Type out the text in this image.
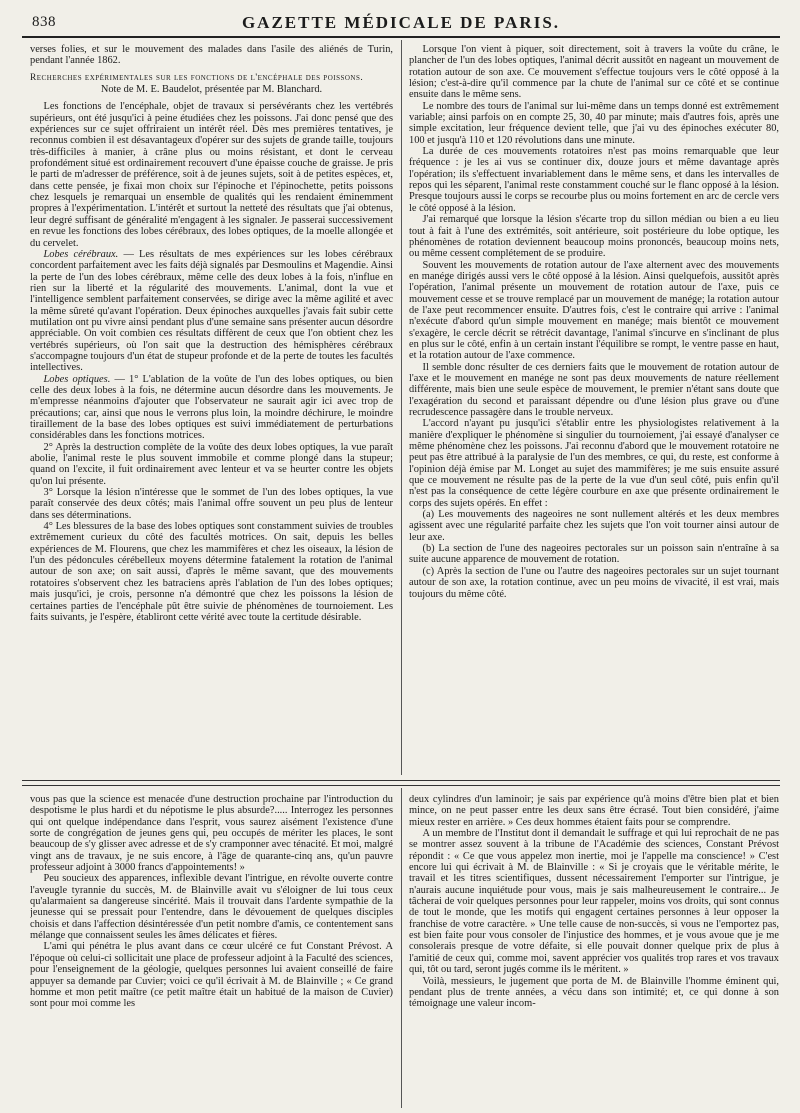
838	GAZETTE MÉDICALE DE PARIS.

verses folies, et sur le mouvement des malades dans l'asile des aliénés de Turin, pendant l'année 1862.

Recherches expérimentales sur les fonctions de l'encéphale des poissons.

Note de M. E. Baudelot, présentée par M. Blanchard.

Les fonctions de l'encéphale, objet de travaux si persévérants chez les vertébrés supérieurs, ont été jusqu'ici à peine étudiées chez les poissons. J'ai donc pensé que des expériences sur ce sujet offriraient un intérêt réel. Dès mes premières tentatives, je reconnus combien il est désavantageux d'opérer sur des sujets de grande taille, toujours très-difficiles à manier, à crâne plus ou moins résistant, et dont le cerveau profondément situé est ordinairement recouvert d'une épaisse couche de graisse. Je pris le parti de m'adresser de préférence, soit à de jeunes sujets, soit à de petites espèces, et, dans cette pensée, je fixai mon choix sur l'épinoche et l'épinochette, petits poissons chez lesquels je remarquai un ensemble de qualités qui les rendaient éminemment propres à l'expérimentation. L'intérêt et surtout la netteté des résultats que j'ai obtenus, leur degré suffisant de généralité m'engagent à les signaler. Je passerai successivement en revue les fonctions des lobes cérébraux, des lobes optiques, de la moelle allongée et du cervelet.

Lobes cérébraux. — Les résultats de mes expériences sur les lobes cérébraux concordent parfaitement avec les faits déjà signalés par Desmoulins et Magendie. Ainsi la perte de l'un des lobes cérébraux, même celle des deux lobes à la fois, n'influe en rien sur la liberté et la régularité des mouvements. L'animal, dont la vue et l'intelligence semblent parfaitement conservées, se dirige avec la même agilité et avec la même sûreté qu'avant l'opération. Deux épinoches auxquelles j'avais fait subir cette mutilation ont pu vivre ainsi pendant plus d'une semaine sans présenter aucun désordre appréciable. On voit combien ces résultats diffèrent de ceux que l'on obtient chez les vertébrés supérieurs, où l'on sait que la destruction des hémisphères cérébraux s'accompagne toujours d'un état de stupeur profonde et de la perte de toutes les facultés intellectives.

Lobes optiques. — 1° L'ablation de la voûte de l'un des lobes optiques, ou bien celle des deux lobes à la fois, ne détermine aucun désordre dans les mouvements. Je m'empresse néanmoins d'ajouter que l'observateur ne saurait agir ici avec trop de précautions; car, ainsi que nous le verrons plus loin, la moindre déchirure, le moindre tiraillement de la base des lobes optiques est suivi immédiatement de perturbations considérables dans les fonctions motrices.

2° Après la destruction complète de la voûte des deux lobes optiques, la vue paraît abolie, l'animal reste le plus souvent immobile et comme plongé dans la stupeur; quand on l'excite, il fuit ordinairement avec lenteur et va se heurter contre les objets qu'on lui présente.

3° Lorsque la lésion n'intéresse que le sommet de l'un des lobes optiques, la vue paraît conservée des deux côtés; mais l'animal offre souvent un peu plus de lenteur dans ses déterminations.

4° Les blessures de la base des lobes optiques sont constamment suivies de troubles extrêmement curieux du côté des facultés motrices. On sait, depuis les belles expériences de M. Flourens, que chez les mammifères et chez les oiseaux, la lésion de l'un des pédoncules cérébelleux moyens détermine fatalement la rotation de l'animal autour de son axe; on sait aussi, d'après le même savant, que des mouvements rotatoires s'observent chez les batraciens après l'ablation de l'un des lobes optiques; mais jusqu'ici, je crois, personne n'a démontré que chez les poissons la lésion de certaines parties de l'encéphale pût être suivie de phénomènes de tournoiement. Les faits suivants, je l'espère, établiront cette vérité avec toute la certitude désirable.

Lorsque l'on vient à piquer, soit directement, soit à travers la voûte du crâne, le plancher de l'un des lobes optiques, l'animal décrit aussitôt en nageant un mouvement de rotation autour de son axe. Ce mouvement s'effectue toujours vers le côté opposé à la lésion; c'est-à-dire qu'il commence par la chute de l'animal sur ce côté et se continue ensuite dans le même sens.

Le nombre des tours de l'animal sur lui-même dans un temps donné est extrêmement variable; ainsi parfois on en compte 25, 30, 40 par minute; mais d'autres fois, après une simple excitation, leur fréquence devient telle, que j'ai vu des épinoches exécuter 80, 100 et jusqu'à 110 et 120 révolutions dans une minute.

La durée de ces mouvements rotatoires n'est pas moins remarquable que leur fréquence : je les ai vus se continuer dix, douze jours et même davantage après l'opération; ils s'effectuent invariablement dans le même sens, et dans les intervalles de repos qui les séparent, l'animal reste constamment couché sur le flanc opposé à la lésion. Presque toujours aussi le corps se recourbe plus ou moins fortement en arc de cercle vers le côté opposé à la lésion.

J'ai remarqué que lorsque la lésion s'écarte trop du sillon médian ou bien a eu lieu tout à fait à l'une des extrémités, soit antérieure, soit postérieure du lobe optique, les phénomènes de rotation deviennent beaucoup moins prononcés, beaucoup moins nets, ou même cessent complétement de se produire.

Souvent les mouvements de rotation autour de l'axe alternent avec des mouvements en manége dirigés aussi vers le côté opposé à la lésion. Ainsi quelquefois, aussitôt après l'opération, l'animal présente un mouvement de rotation autour de l'axe, puis ce mouvement cesse et se trouve remplacé par un mouvement de manége; la rotation autour de l'axe peut recommencer ensuite. D'autres fois, c'est le contraire qui arrive : l'animal n'exécute d'abord qu'un simple mouvement en manége; mais bientôt ce mouvement s'exagère, le cercle décrit se rétrécit davantage, l'animal s'incurve en s'inclinant de plus en plus sur le côté, enfin à un certain instant l'équilibre se rompt, le ventre passe en haut, et la rotation autour de l'axe commence.

Il semble donc résulter de ces derniers faits que le mouvement de rotation autour de l'axe et le mouvement en manége ne sont pas deux mouvements de nature réellement différente, mais bien une seule espèce de mouvement, le premier n'étant sans doute que l'exagération du second et paraissant dépendre ou d'une lésion plus grave ou d'une recrudescence passagère dans le trouble nerveux.

L'accord n'ayant pu jusqu'ici s'établir entre les physiologistes relativement à la manière d'expliquer le phénomène si singulier du tournoiement, j'ai essayé d'analyser ce même phénomène chez les poissons. J'ai reconnu d'abord que le mouvement rotatoire ne peut pas être attribué à la paralysie de l'un des membres, ce qui, du reste, est conforme à l'opinion déjà émise par M. Longet au sujet des mammifères; je me suis ensuite assuré que ce mouvement ne résulte pas de la perte de la vue d'un seul côté, puis enfin qu'il n'est pas la conséquence de cette légère courbure en axe que présente ordinairement le corps des sujets opérés. En effet :

(a) Les mouvements des nageoires ne sont nullement altérés et les deux membres agissent avec une régularité parfaite chez les sujets que l'on voit tourner ainsi autour de leur axe.

(b) La section de l'une des nageoires pectorales sur un poisson sain n'entraîne à sa suite aucune apparence de mouvement de rotation.

(c) Après la section de l'une ou l'autre des nageoires pectorales sur un sujet tournant autour de son axe, la rotation continue, avec un peu moins de vivacité, il est vrai, mais toujours du même côté.

vous pas que la science est menacée d'une destruction prochaine par l'introduction du despotisme le plus hardi et du népotisme le plus absurde?..... Interrogez les personnes qui ont quelque indépendance dans l'esprit, vous saurez aisément l'existence d'une sorte de congrégation de jeunes gens qui, peu occupés de mériter les places, le sont beaucoup de s'y glisser avec adresse et de s'y cramponner avec ténacité. Et moi, malgré vingt ans de travaux, je ne suis encore, à l'âge de quarante-cinq ans, qu'un pauvre professeur adjoint à 3000 francs d'appointements! »

Peu soucieux des apparences, inflexible devant l'intrigue, en révolte ouverte contre l'aveugle tyrannie du succès, M. de Blainville avait vu s'éloigner de lui tous ceux qu'alarmaient sa dangereuse sincérité. Mais il trouvait dans l'ardente sympathie de la jeunesse qui se pressait pour l'entendre, dans le dévouement de quelques disciples choisis et dans l'affection désintéressée d'un petit nombre d'amis, ce contentement sans mélange que connaissent seules les âmes délicates et fières.

L'ami qui pénétra le plus avant dans ce cœur ulcéré ce fut Constant Prévost. A l'époque où celui-ci sollicitait une place de professeur adjoint à la Faculté des sciences, pour l'enseignement de la géologie, quelques personnes lui avaient conseillé de faire appuyer sa demande par Cuvier; voici ce qu'il écrivait à M. de Blainville ; « Ce grand homme et mon petit maître (ce petit maître était un habitué de la maison de Cuvier) sont pour moi comme les

deux cylindres d'un laminoir; je sais par expérience qu'à moins d'être bien plat et bien mince, on ne peut passer entre les deux sans être écrasé. Tout bien considéré, j'aime mieux rester en arrière. » Ces deux hommes étaient faits pour se comprendre.

A un membre de l'Institut dont il demandait le suffrage et qui lui reprochait de ne pas se montrer assez souvent à la tribune de l'Académie des sciences, Constant Prévost répondit : « Ce que vous appelez mon inertie, moi je l'appelle ma conscience! » C'est encore lui qui écrivait à M. de Blainville : « Si je croyais que le véritable mérite, le travail et les titres scientifiques, dussent nécessairement l'emporter sur l'intrigue, je n'aurais aucune inquiétude pour vous, mais je sais malheureusement le contraire... Je tâcherai de voir quelques personnes pour leur rappeler, moins vos droits, qui sont connus de tout le monde, que les motifs qui engagent certaines personnes à leur opposer la franchise de votre caractère. » Une telle cause de non-succès, si vous ne l'emportez pas, est bien faite pour vous consoler de l'injustice des hommes, et je vous avoue que je me consolerais presque de votre défaite, si elle pouvait donner quelque prix de plus à l'amitié de ceux qui, comme moi, savent apprécier vos qualités trop rares et vos travaux qui, tôt ou tard, seront jugés comme ils le méritent. »

Voilà, messieurs, le jugement que porta de M. de Blainville l'homme éminent qui, pendant plus de trente années, a vécu dans son intimité; et, ce qui donne à son témoignage une valeur incom-
